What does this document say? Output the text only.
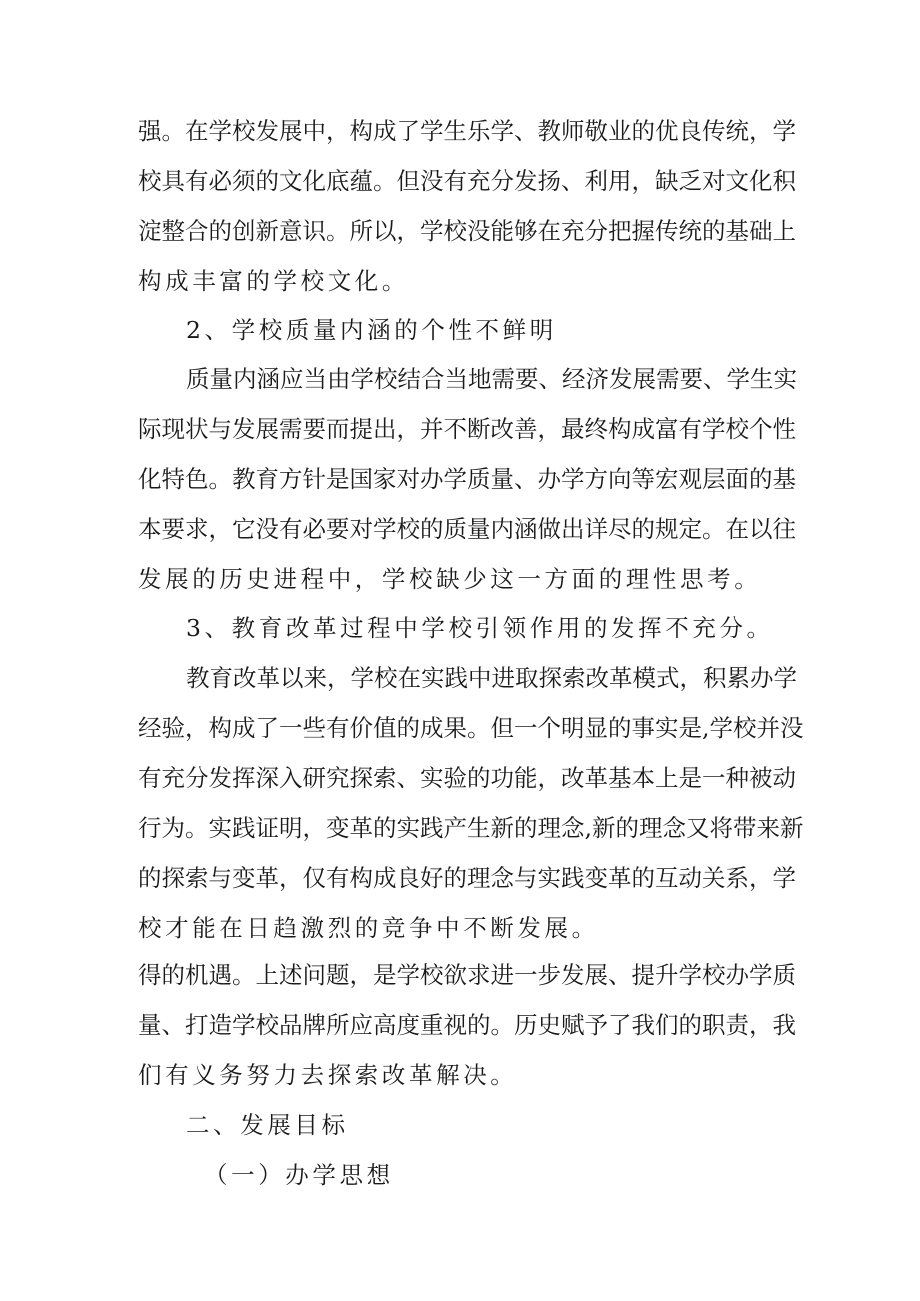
强。在学校发展中，构成了学生乐学、教师敬业的优良传统，学
校具有必须的文化底蕴。但没有充分发扬、利用，缺乏对文化积
淀整合的创新意识。所以，学校没能够在充分把握传统的基础上
构成丰富的学校文化。
2、学校质量内涵的个性不鲜明
质量内涵应当由学校结合当地需要、经济发展需要、学生实
际现状与发展需要而提出，并不断改善，最终构成富有学校个性
化特色。教育方针是国家对办学质量、办学方向等宏观层面的基
本要求，它没有必要对学校的质量内涵做出详尽的规定。在以往
发展的历史进程中，学校缺少这一方面的理性思考。
3、教育改革过程中学校引领作用的发挥不充分。
教育改革以来，学校在实践中进取探索改革模式，积累办学
经验，构成了一些有价值的成果。但一个明显的事实是,学校并没
有充分发挥深入研究探索、实验的功能，改革基本上是一种被动
行为。实践证明，变革的实践产生新的理念,新的理念又将带来新
的探索与变革，仅有构成良好的理念与实践变革的互动关系，学
校才能在日趋激烈的竞争中不断发展。
得的机遇。上述问题，是学校欲求进一步发展、提升学校办学质
量、打造学校品牌所应高度重视的。历史赋予了我们的职责，我
们有义务努力去探索改革解决。
二、发展目标
（一）办学思想
